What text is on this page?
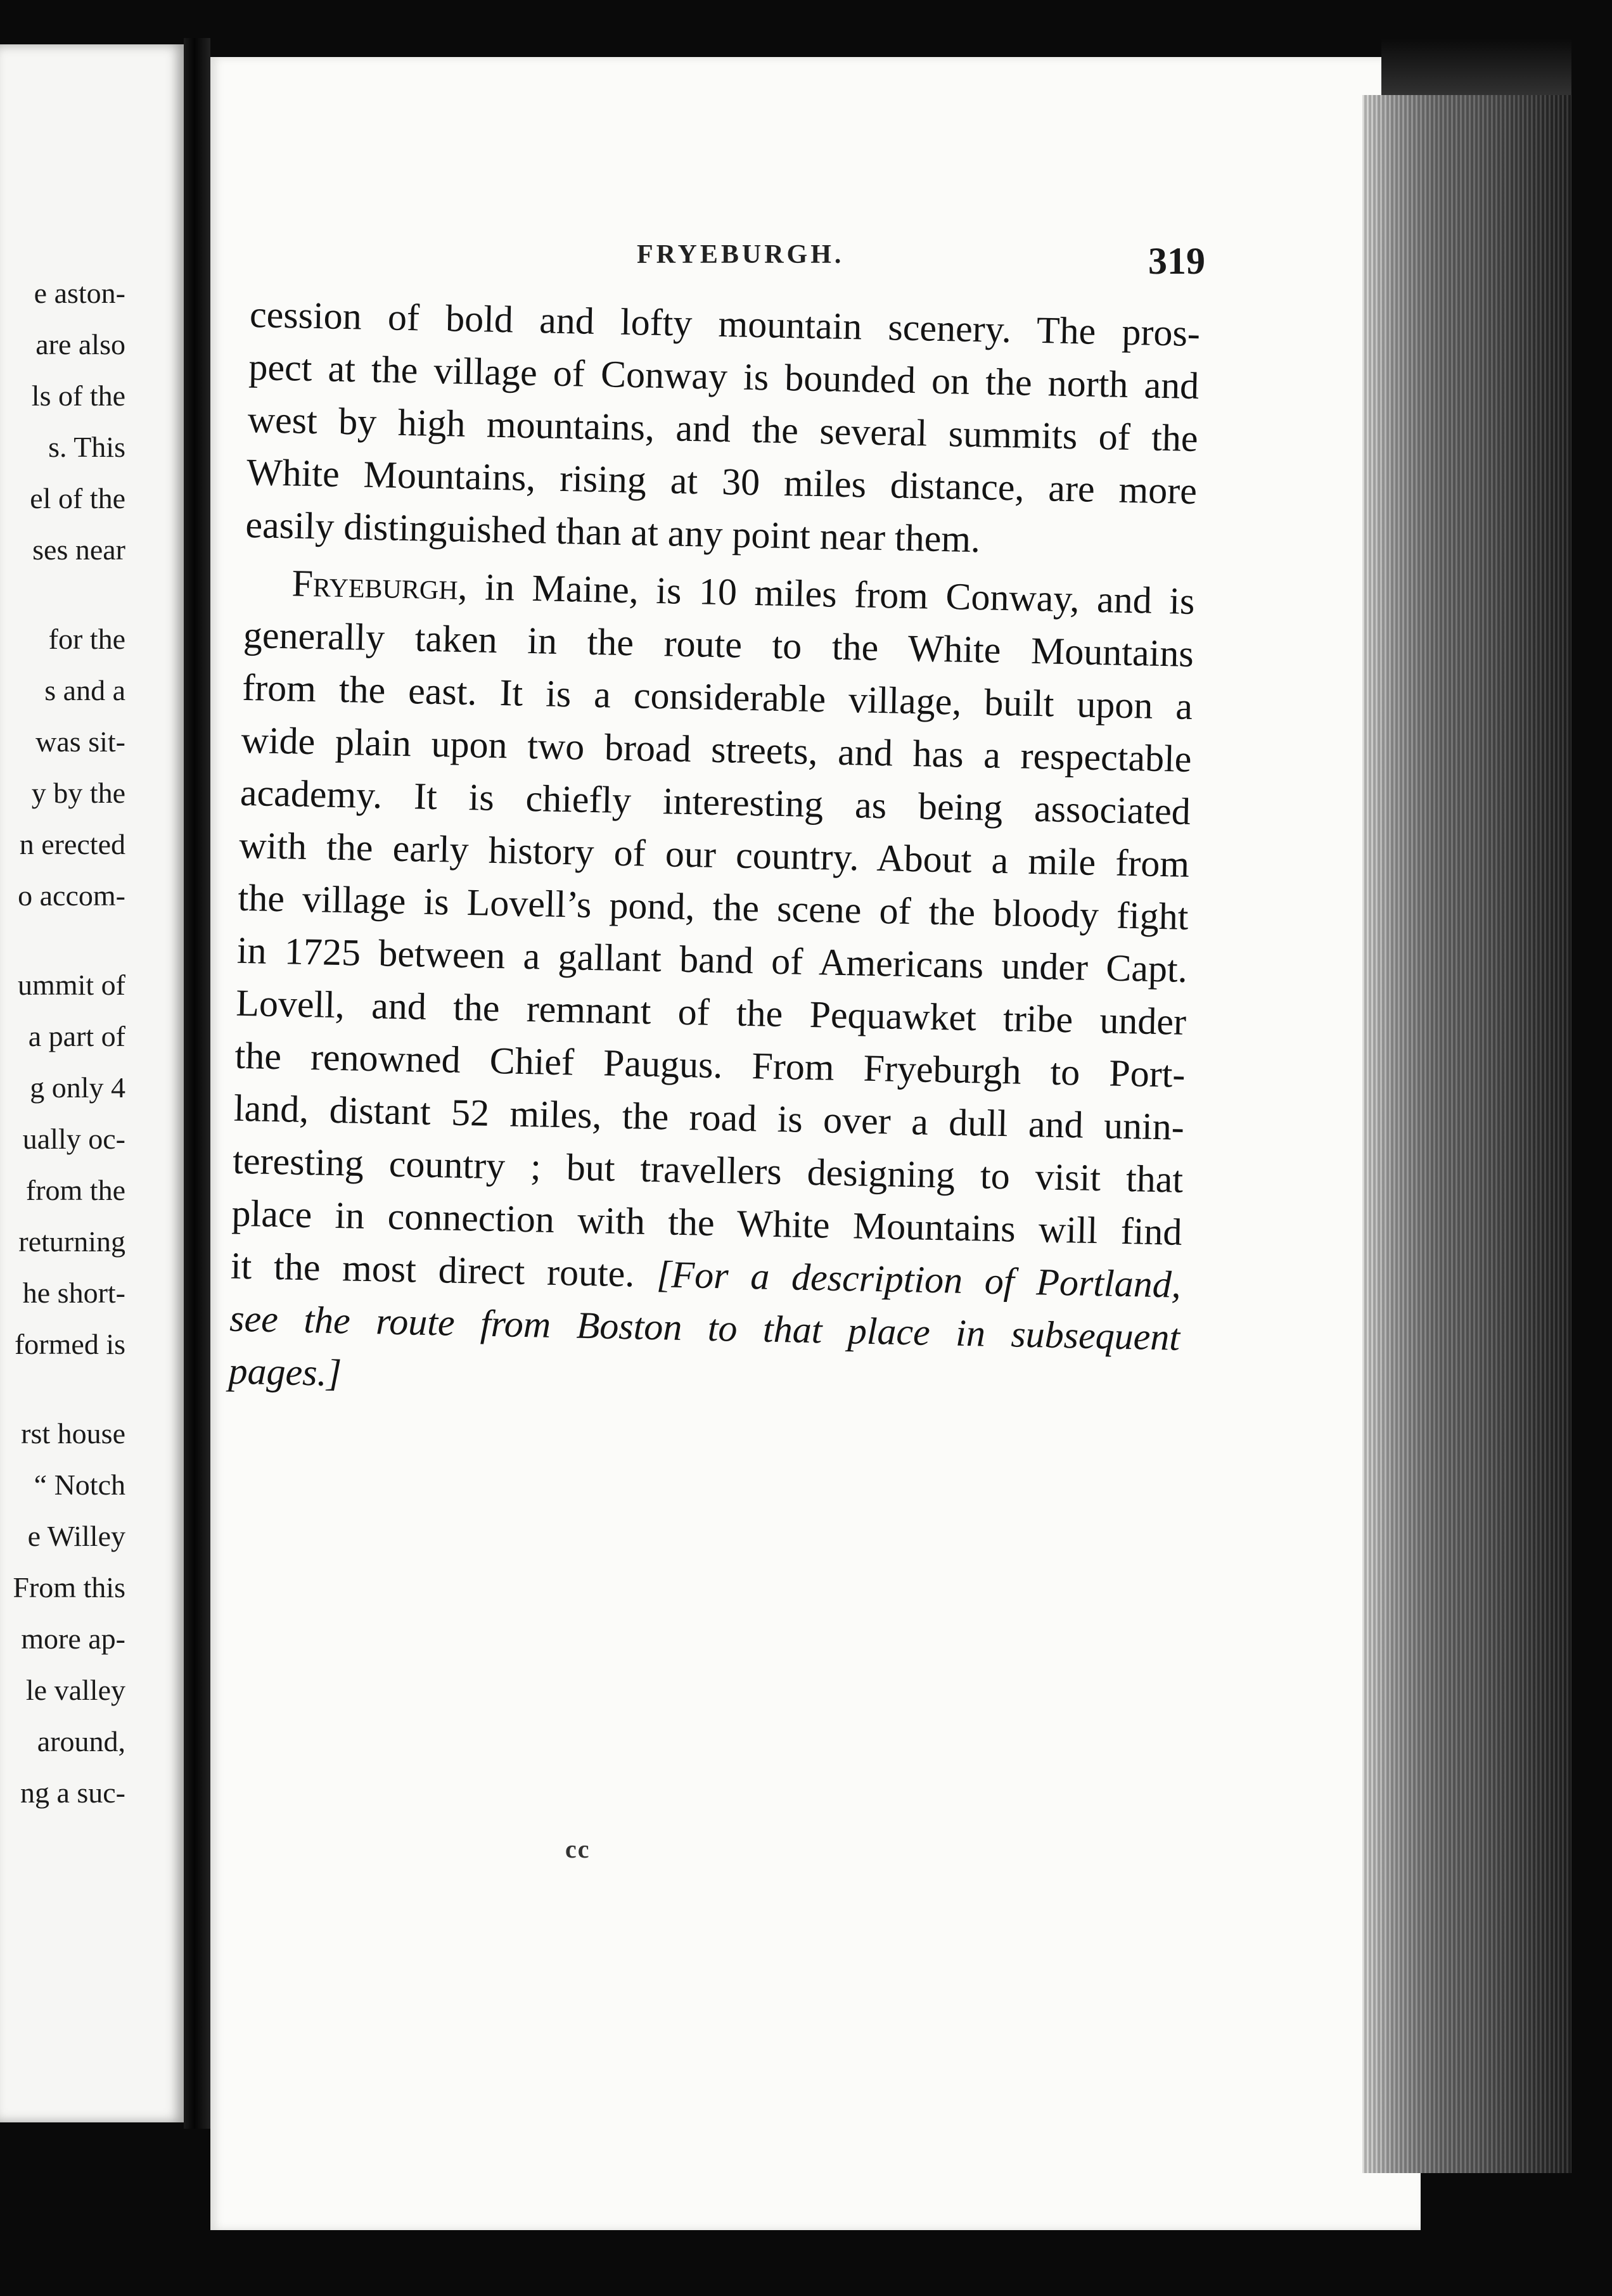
e aston-
are also
ls of the
s. This
el of the
ses near
for the
s and a
was sit-
y by the
n erected
o accom-
ummit of
a part of
g only 4
ually oc-
from the
returning
he short-
formed is
rst house
“ Notch
e Willey
From this
more ap-
le valley
around,
ng a suc-
FRYEBURGH.	319

cession of bold and lofty mountain scenery. The pros-
pect at the village of Conway is bounded on the north and
west by high mountains, and the several summits of the
White Mountains, rising at 30 miles distance, are more
easily distinguished than at any point near them.

Fryeburgh, in Maine, is 10 miles from Conway, and is
generally taken in the route to the White Mountains
from the east. It is a considerable village, built upon a
wide plain upon two broad streets, and has a respectable
academy. It is chiefly interesting as being associated
with the early history of our country. About a mile from
the village is Lovell’s pond, the scene of the bloody fight
in 1725 between a gallant band of Americans under Capt.
Lovell, and the remnant of the Pequawket tribe under
the renowned Chief Paugus. From Fryeburgh to Port-
land, distant 52 miles, the road is over a dull and unin-
teresting country ; but travellers designing to visit that
place in connection with the White Mountains will find
it the most direct route. [For a description of Portland,
see the route from Boston to that place in subsequent
pages.]

cc
